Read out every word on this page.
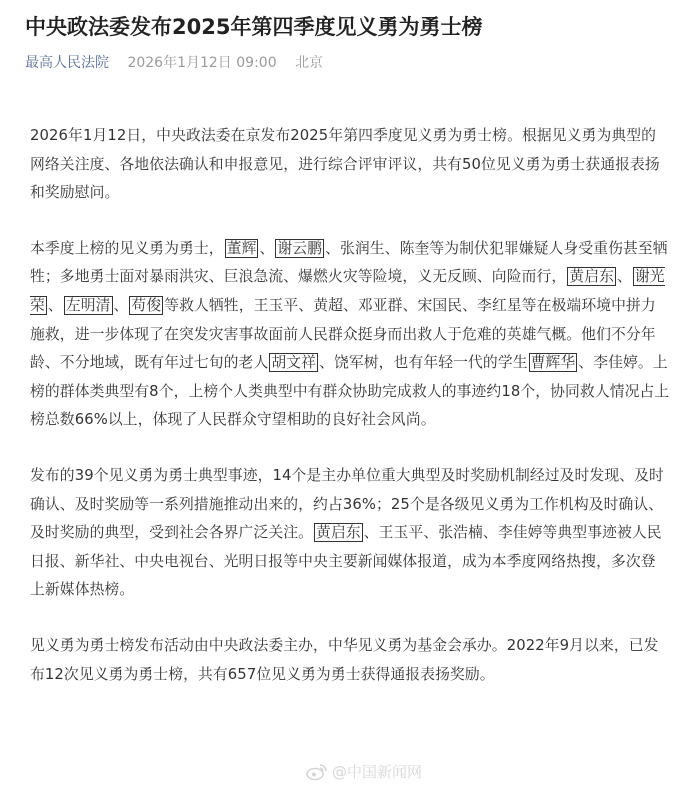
中央政法委发布2025年第四季度见义勇为勇士榜
最高人民法院 2026年1月12日 09:00 北京

2026年1月12日，中央政法委在京发布2025年第四季度见义勇为勇士榜。根据见义勇为典型的网络关注度、各地依法确认和申报意见，进行综合评审评议，共有50位见义勇为勇士获通报表扬和奖励慰问。

本季度上榜的见义勇为勇士， 董辉 、 谢云鹏 、张润生、陈奎等为制伏犯罪嫌疑人身受重伤甚至牺牲；多地勇士面对暴雨洪灾、巨浪急流、爆燃火灾等险境，义无反顾、向险而行， 黄启东 、 谢光荣 、 左明清 、 苟俊 等救人牺牲，王玉平、黄超、邓亚群、宋国民、李红星等在极端环境中拼力施救，进一步体现了在突发灾害事故面前人民群众挺身而出救人于危难的英雄气概。他们不分年龄、不分地域，既有年过七旬的老人 胡文祥 、饶军树，也有年轻一代的学生 曹辉华 、李佳婷。上榜的群体类典型有8个，上榜个人类典型中有群众协助完成救人的事迹约18个，协同救人情况占上榜总数66%以上，体现了人民群众守望相助的良好社会风尚。

发布的39个见义勇为勇士典型事迹，14个是主办单位重大典型及时奖励机制经过及时发现、及时确认、及时奖励等一系列措施推动出来的，约占36%；25个是各级见义勇为工作机构及时确认、及时奖励的典型，受到社会各界广泛关注。 黄启东 、王玉平、张浩楠、李佳婷等典型事迹被人民日报、新华社、中央电视台、光明日报等中央主要新闻媒体报道，成为本季度网络热搜，多次登上新媒体热榜。

见义勇为勇士榜发布活动由中央政法委主办，中华见义勇为基金会承办。2022年9月以来，已发布12次见义勇为勇士榜，共有657位见义勇为勇士获得通报表扬奖励。

@中国新闻网
